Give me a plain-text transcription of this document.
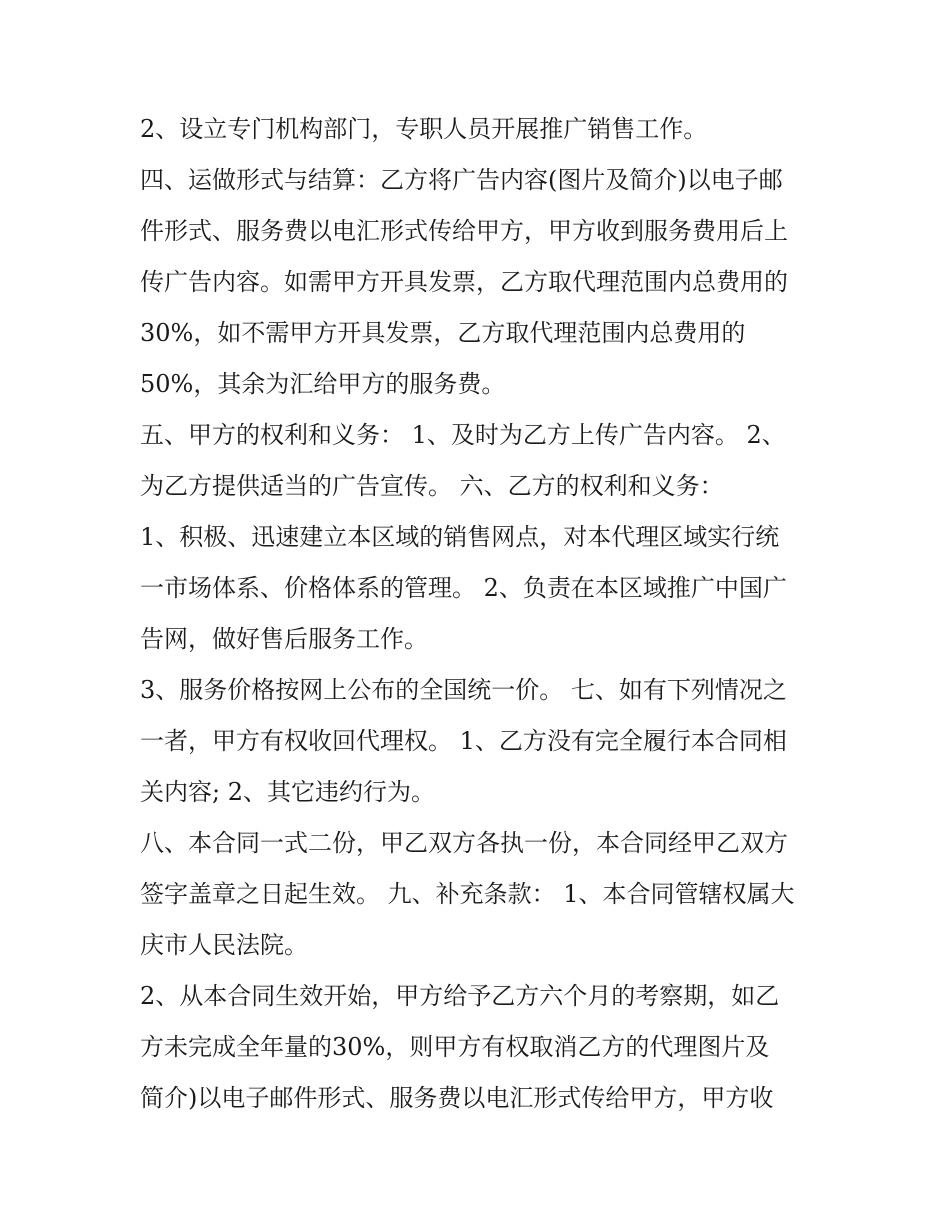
2、设立专门机构部门，专职人员开展推广销售工作。
四、运做形式与结算：乙方将广告内容(图片及简介)以电子邮
件形式、服务费以电汇形式传给甲方，甲方收到服务费用后上
传广告内容。如需甲方开具发票，乙方取代理范围内总费用的
30%，如不需甲方开具发票，乙方取代理范围内总费用的
50%，其余为汇给甲方的服务费。
五、甲方的权利和义务： 1、及时为乙方上传广告内容。 2、
为乙方提供适当的广告宣传。 六、乙方的权利和义务：
1、积极、迅速建立本区域的销售网点，对本代理区域实行统
一市场体系、价格体系的管理。 2、负责在本区域推广中国广
告网，做好售后服务工作。
3、服务价格按网上公布的全国统一价。 七、如有下列情况之
一者，甲方有权收回代理权。 1、乙方没有完全履行本合同相
关内容; 2、其它违约行为。
八、本合同一式二份，甲乙双方各执一份，本合同经甲乙双方
签字盖章之日起生效。 九、补充条款： 1、本合同管辖权属大
庆市人民法院。
2、从本合同生效开始，甲方给予乙方六个月的考察期，如乙
方未完成全年量的30%，则甲方有权取消乙方的代理图片及
简介)以电子邮件形式、服务费以电汇形式传给甲方，甲方收
